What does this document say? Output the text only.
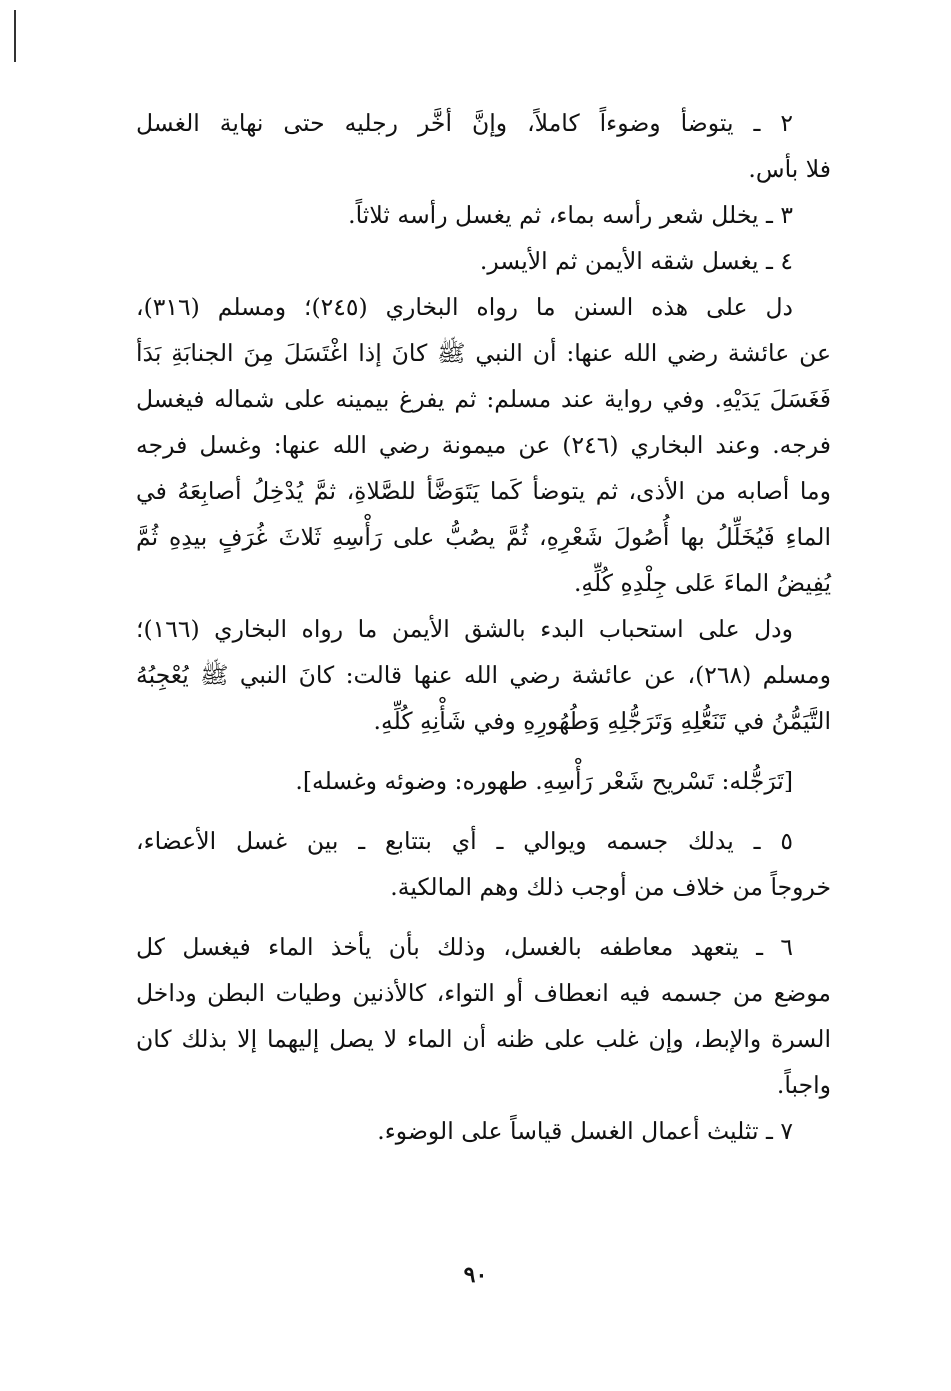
٢ ـ يتوضأ وضوءاً كاملاً، وإنَّ أخَّر رجليه حتى نهاية الغسل
فلا بأس.
٣ ـ يخلل شعر رأسه بماء، ثم يغسل رأسه ثلاثاً.
٤ ـ يغسل شقه الأيمن ثم الأيسر.
دل على هذه السنن ما رواه البخاري (٢٤٥)؛ ومسلم (٣١٦)،
عن عائشة رضي الله عنها: أن النبي ﷺ كانَ إذا اغْتَسَلَ مِنَ الجنابَةِ بَدَأ
فَغَسَلَ يَدَيْهِ. وفي رواية عند مسلم: ثم يفرغ بيمينه على شماله فيغسل
فرجه. وعند البخاري (٢٤٦) عن ميمونة رضي الله عنها: وغسل فرجه
وما أصابه من الأذى، ثم يتوضأ كَما يَتَوَضَّأ للصَّلاةِ، ثمَّ يُدْخِلُ أصابِعَهُ في
الماءِ فَيُخَلِّلُ بها أُصُولَ شَعْرِهِ، ثُمَّ يصُبُّ على رَأْسِهِ ثَلاثَ غُرَفٍ بيدِهِ ثُمَّ
يُفِيضُ الماءَ عَلى جِلْدِهِ كُلِّهِ.
ودل على استحباب البدء بالشق الأيمن ما رواه البخاري (١٦٦)؛
ومسلم (٢٦٨)، عن عائشة رضي الله عنها قالت: كانَ النبي ﷺ يُعْجِبُهُ
التَّيَمُّنُ في تَنَعُّلِهِ وَتَرَجُّلِهِ وَطُهُورِهِ وفي شَأْنِهِ كُلِّهِ.
[تَرَجُّله: تَسْريح شَعْر رَأْسِهِ. طهوره: وضوئه وغسله].
٥ ـ يدلك جسمه ويوالي ـ أي بتتابع ـ بين غسل الأعضاء،
خروجاً من خلاف من أوجب ذلك وهم المالكية.
٦ ـ يتعهد معاطفه بالغسل، وذلك بأن يأخذ الماء فيغسل كل
موضع من جسمه فيه انعطاف أو التواء، كالأذنين وطيات البطن وداخل
السرة والإبط، وإن غلب على ظنه أن الماء لا يصل إليهما إلا بذلك كان
واجباً.
٧ ـ تثليث أعمال الغسل قياساً على الوضوء.
٩٠
